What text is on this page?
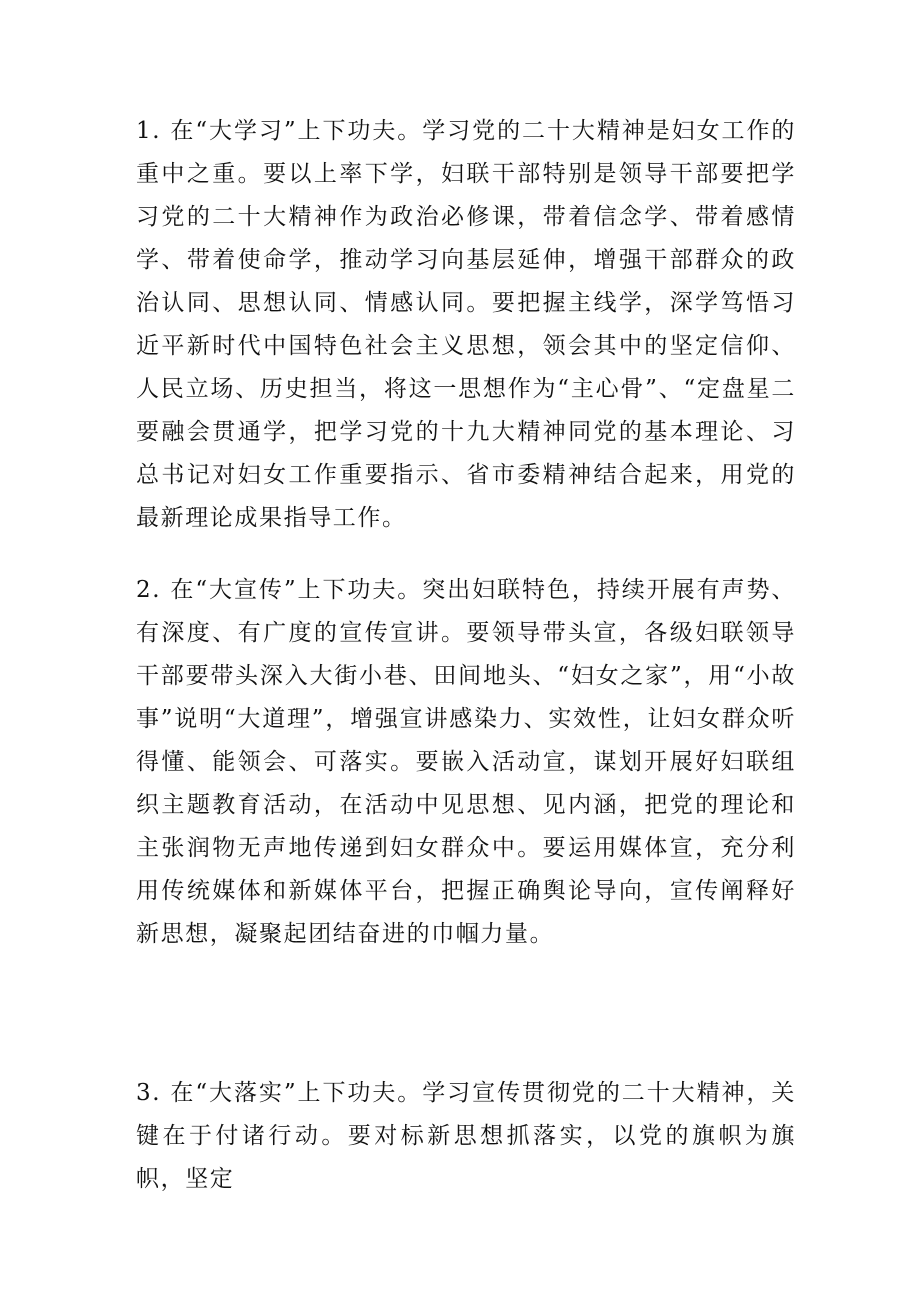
1. 在“大学习”上下功夫。学习党的二十大精神是妇女工作的重中之重。要以上率下学，妇联干部特别是领导干部要把学习党的二十大精神作为政治必修课，带着信念学、带着感情学、带着使命学，推动学习向基层延伸，增强干部群众的政治认同、思想认同、情感认同。要把握主线学，深学笃悟习近平新时代中国特色社会主义思想，领会其中的坚定信仰、人民立场、历史担当，将这一思想作为“主心骨”、“定盘星二要融会贯通学，把学习党的十九大精神同党的基本理论、习总书记对妇女工作重要指示、省市委精神结合起来，用党的最新理论成果指导工作。

2. 在“大宣传”上下功夫。突出妇联特色，持续开展有声势、有深度、有广度的宣传宣讲。要领导带头宣，各级妇联领导干部要带头深入大街小巷、田间地头、“妇女之家”，用“小故事”说明“大道理”，增强宣讲感染力、实效性，让妇女群众听得懂、能领会、可落实。要嵌入活动宣，谋划开展好妇联组织主题教育活动，在活动中见思想、见内涵，把党的理论和主张润物无声地传递到妇女群众中。要运用媒体宣，充分利用传统媒体和新媒体平台，把握正确舆论导向，宣传阐释好新思想，凝聚起团结奋进的巾帼力量。

3. 在“大落实”上下功夫。学习宣传贯彻党的二十大精神，关键在于付诸行动。要对标新思想抓落实，以党的旗帜为旗帜，坚定
